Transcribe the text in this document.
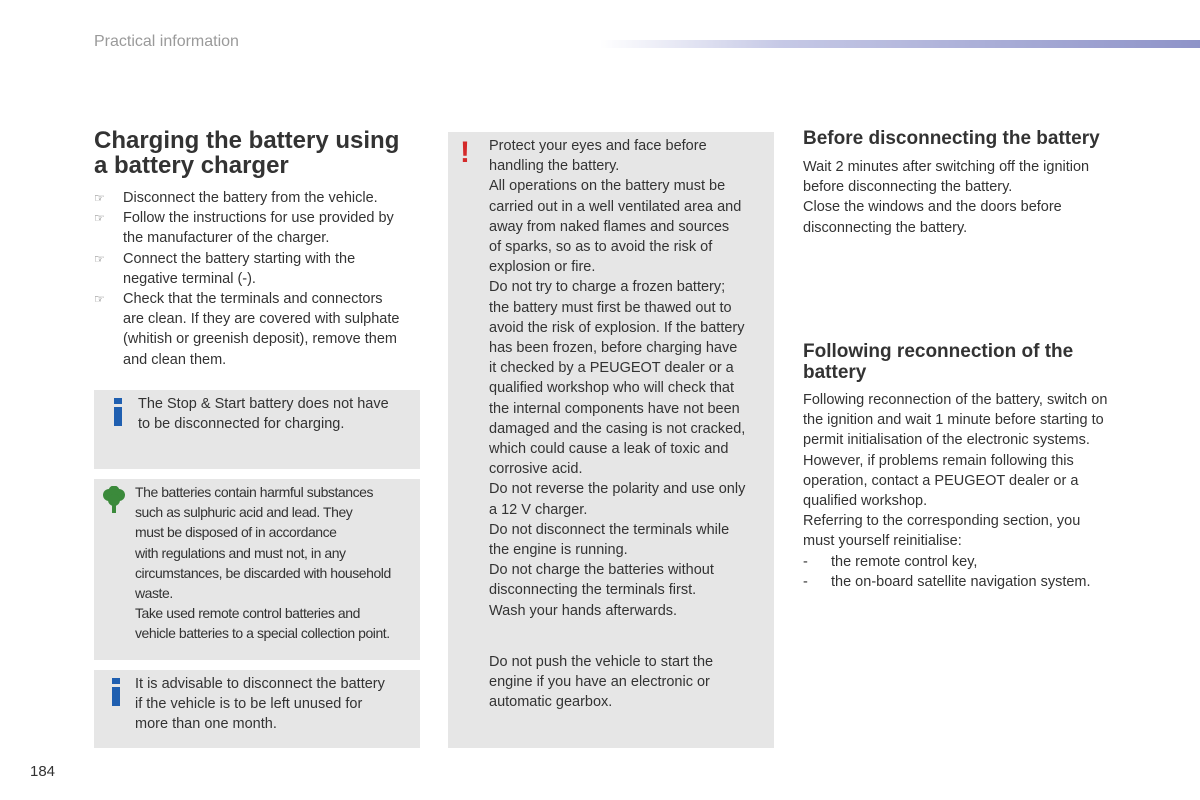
Practical information
Charging the battery using
a battery charger
☞ Disconnect the battery from the vehicle.
☞ Follow the instructions for use provided by
the manufacturer of the charger.
☞ Connect the battery starting with the
negative terminal (-).
☞ Check that the terminals and connectors
are clean. If they are covered with sulphate
(whitish or greenish deposit), remove them
and clean them.
The Stop & Start battery does not have
to be disconnected for charging.
The batteries contain harmful substances
such as sulphuric acid and lead. They
must be disposed of in accordance
with regulations and must not, in any
circumstances, be discarded with household
waste.
Take used remote control batteries and
vehicle batteries to a special collection point.
It is advisable to disconnect the battery
if the vehicle is to be left unused for
more than one month.
! Protect your eyes and face before
handling the battery.
All operations on the battery must be
carried out in a well ventilated area and
away from naked flames and sources
of sparks, so as to avoid the risk of
explosion or fire.
Do not try to charge a frozen battery;
the battery must first be thawed out to
avoid the risk of explosion. If the battery
has been frozen, before charging have
it checked by a PEUGEOT dealer or a
qualified workshop who will check that
the internal components have not been
damaged and the casing is not cracked,
which could cause a leak of toxic and
corrosive acid.
Do not reverse the polarity and use only
a 12 V charger.
Do not disconnect the terminals while
the engine is running.
Do not charge the batteries without
disconnecting the terminals first.
Wash your hands afterwards.
Do not push the vehicle to start the
engine if you have an electronic or
automatic gearbox.
Before disconnecting the battery
Wait 2 minutes after switching off the ignition
before disconnecting the battery.
Close the windows and the doors before
disconnecting the battery.
Following reconnection of the
battery
Following reconnection of the battery, switch on
the ignition and wait 1 minute before starting to
permit initialisation of the electronic systems.
However, if problems remain following this
operation, contact a PEUGEOT dealer or a
qualified workshop.
Referring to the corresponding section, you
must yourself reinitialise:
- the remote control key,
- the on-board satellite navigation system.
184
